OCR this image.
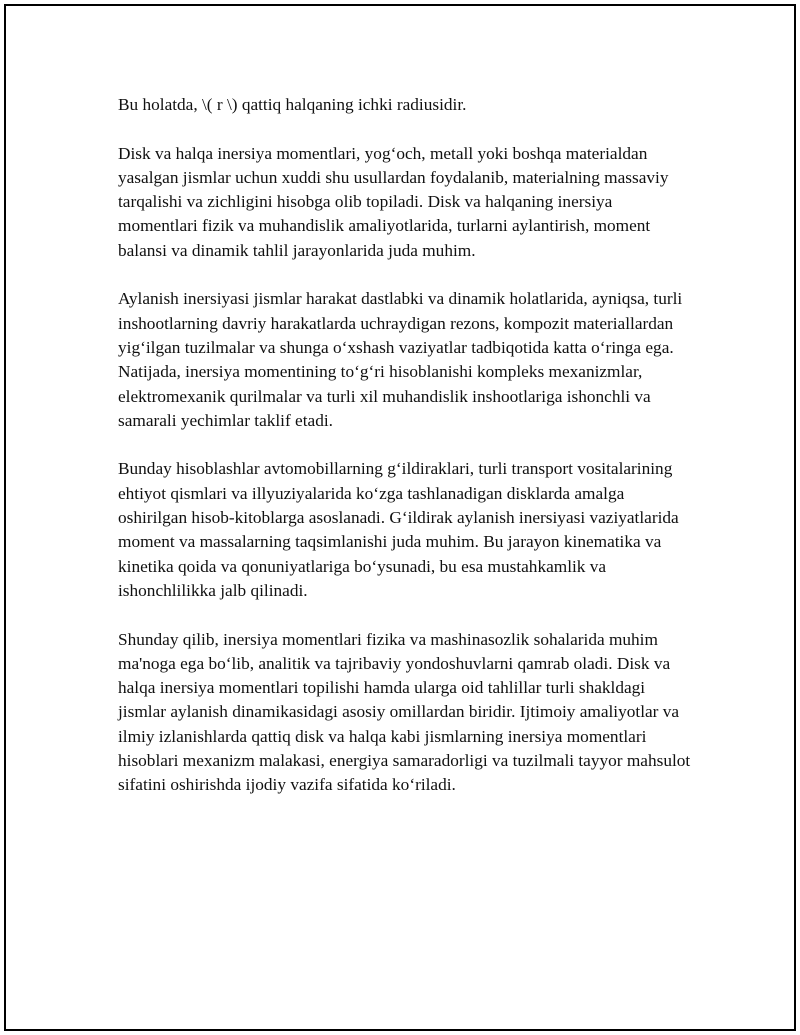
Bu holatda, \( r \) qattiq halqaning ichki radiusidir.

Disk va halqa inersiya momentlari, yog‘och, metall yoki boshqa materialdan yasalgan jismlar uchun xuddi shu usullardan foydalanib, materialning massaviy tarqalishi va zichligini hisobga olib topiladi. Disk va halqaning inersiya momentlari fizik va muhandislik amaliyotlarida, turlarni aylantirish, moment balansi va dinamik tahlil jarayonlarida juda muhim.

Aylanish inersiyasi jismlar harakat dastlabki va dinamik holatlarida, ayniqsa, turli inshootlarning davriy harakatlarda uchraydigan rezons, kompozit materiallardan yig‘ilgan tuzilmalar va shunga o‘xshash vaziyatlar tadbiqotida katta o‘ringa ega. Natijada, inersiya momentining to‘g‘ri hisoblanishi kompleks mexanizmlar, elektromexanik qurilmalar va turli xil muhandislik inshootlariga ishonchli va samarali yechimlar taklif etadi.

Bunday hisoblashlar avtomobillarning g‘ildiraklari, turli transport vositalarining ehtiyot qismlari va illyuziyalarida ko‘zga tashlanadigan disklarda amalga oshirilgan hisob-kitoblarga asoslanadi. G‘ildirak aylanish inersiyasi vaziyatlarida moment va massalarning taqsimlanishi juda muhim. Bu jarayon kinematika va kinetika qoida va qonuniyatlariga bo‘ysunadi, bu esa mustahkamlik va ishonchlilikka jalb qilinadi.

Shunday qilib, inersiya momentlari fizika va mashinasozlik sohalarida muhim ma'noga ega bo‘lib, analitik va tajribaviy yondoshuvlarni qamrab oladi. Disk va halqa inersiya momentlari topilishi hamda ularga oid tahlillar turli shakldagi jismlar aylanish dinamikasidagi asosiy omillardan biridir. Ijtimoiy amaliyotlar va ilmiy izlanishlarda qattiq disk va halqa kabi jismlarning inersiya momentlari hisoblari mexanizm malakasi, energiya samaradorligi va tuzilmali tayyor mahsulot sifatini oshirishda ijodiy vazifa sifatida ko‘riladi.
